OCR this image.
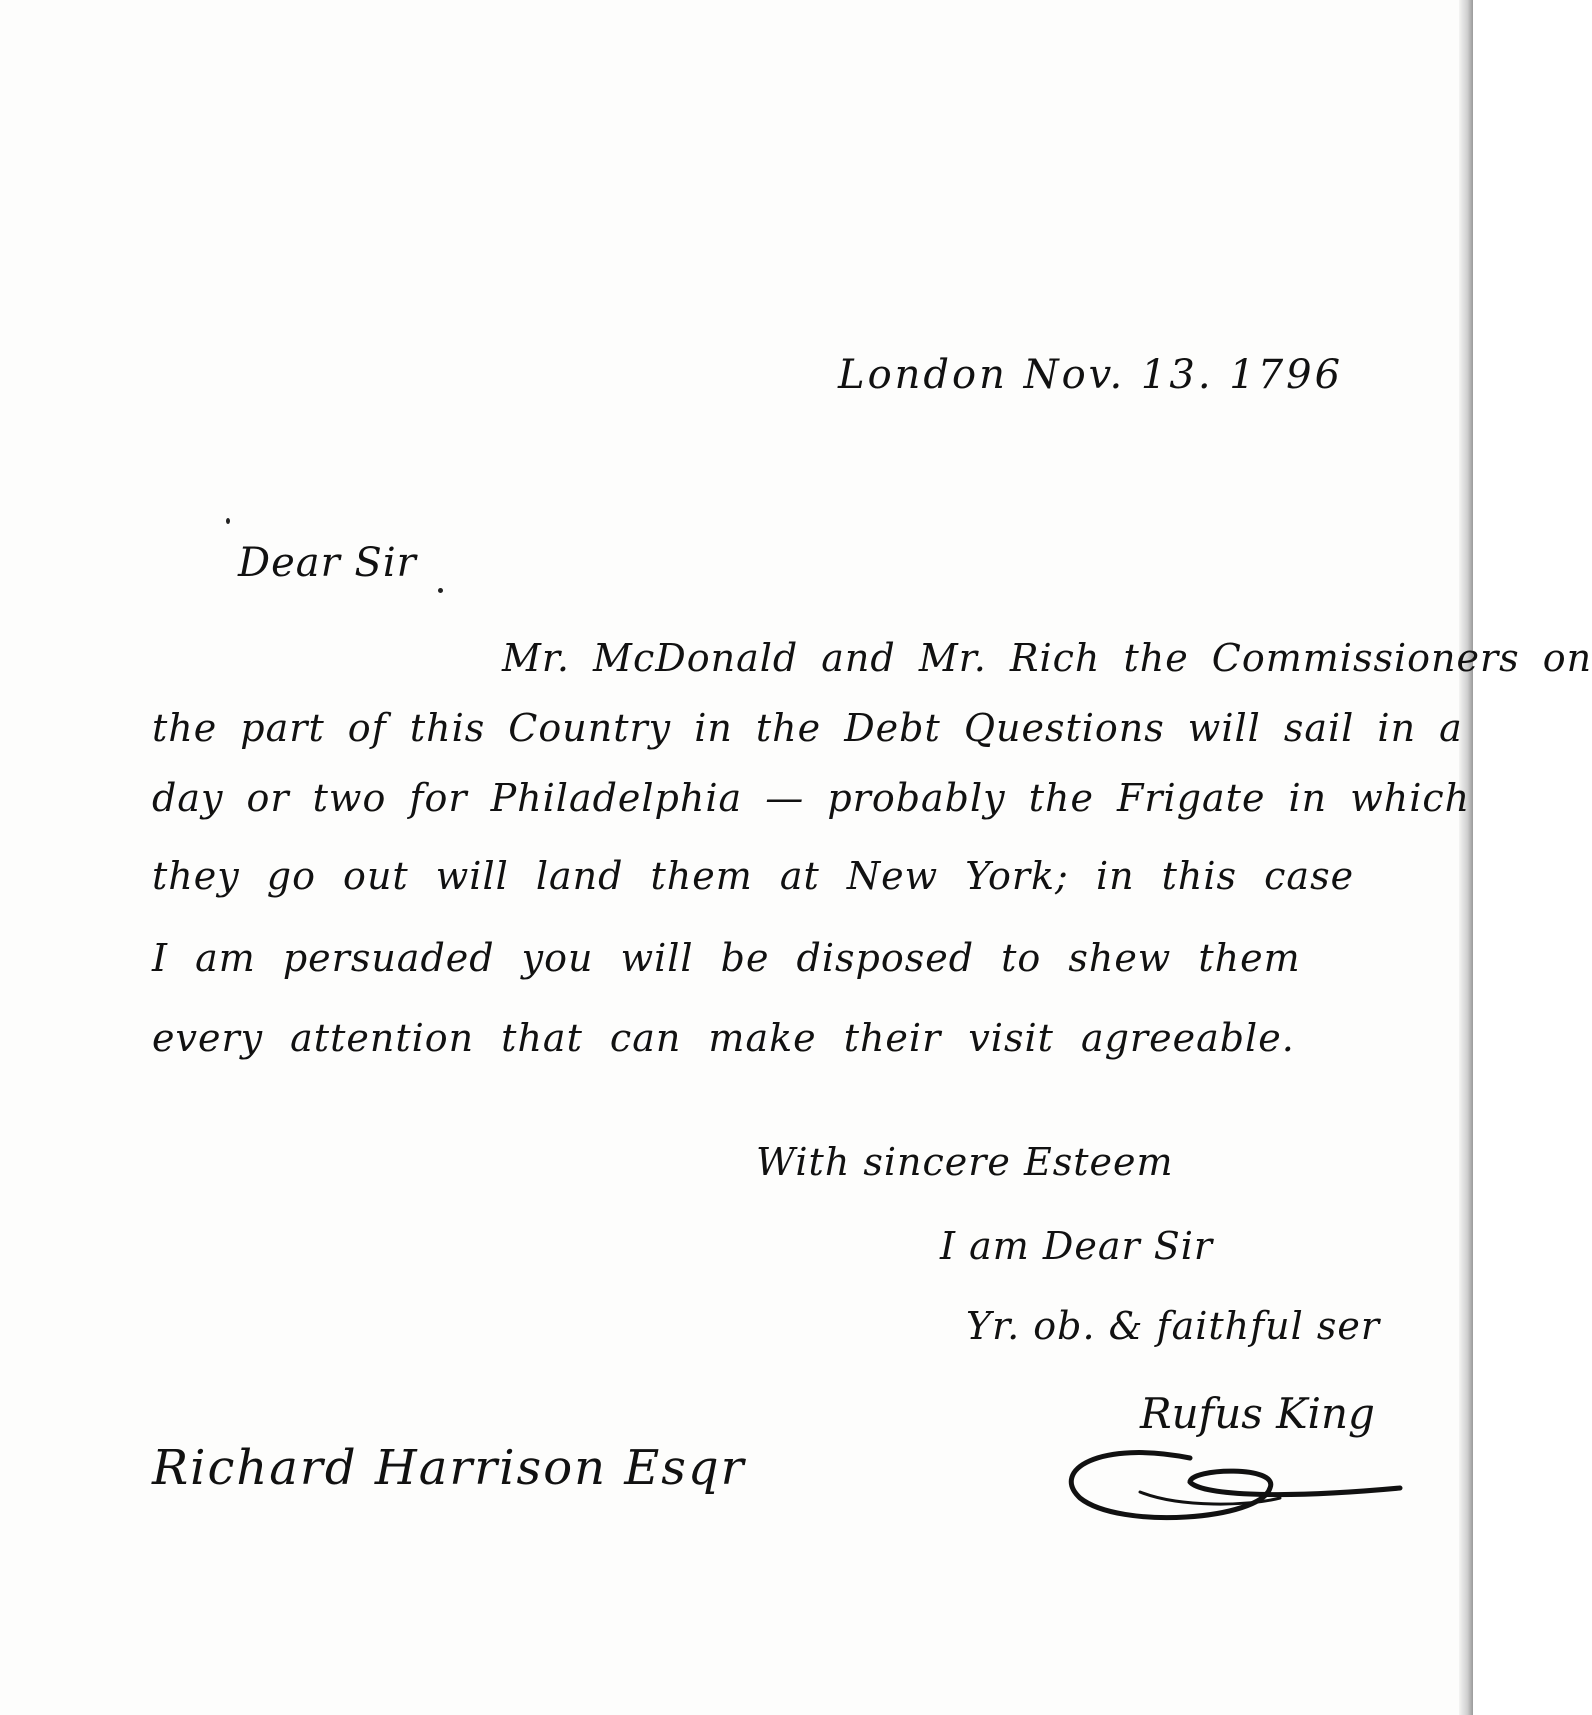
London Nov. 13. 1796
Dear Sir
Mr. McDonald and Mr. Rich the Commissioners on
the part of this Country in the Debt Questions will sail in a
day or two for Philadelphia — probably the Frigate in which
they go out will land them at New York; in this case
I am persuaded you will be disposed to shew them
every attention that can make their visit agreeable.
With sincere Esteem
I am Dear Sir
Yr. ob. & faithful ser
Rufus King
Richard Harrison Esqr
